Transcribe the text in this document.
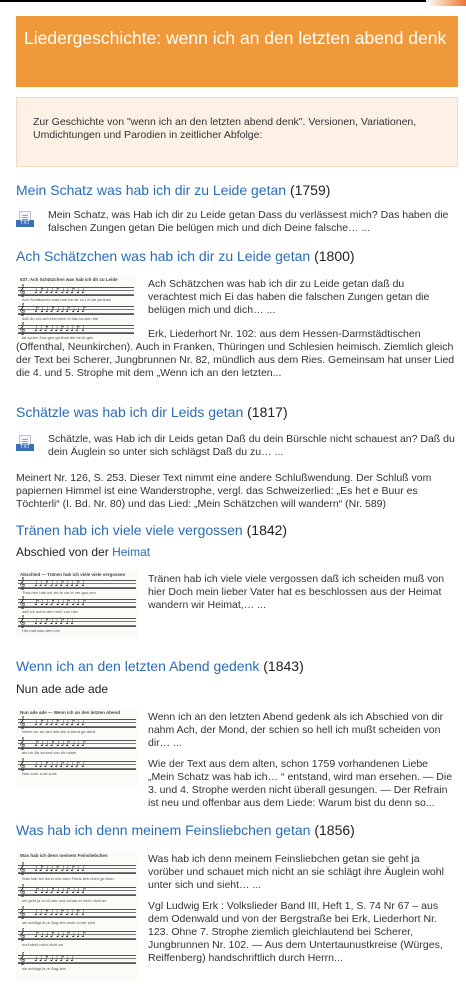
Liedergeschichte: wenn ich an den letzten abend denk

Zur Geschichte von "wenn ich an den letzten abend denk". Versionen, Variationen, Umdichtungen und Parodien in zeitlicher Abfolge:

Mein Schatz was hab ich dir zu Leide getan (1759)
TXT
Mein Schatz, was Hab ich dir zu Leide getan Dass du verlässest mich? Das haben die falschen Zungen getan Die belügen mich und dich Deine falsche… ...
Ach Schätzchen was hab ich dir zu Leide getan (1800)
537. Ach Schätzchen was hab ich dir zu Leide
𝄞 ♩♪♩♩♪♩♩♪♩♩
Ach Schätzchen was hab ich dir zu Lei-de ge-than
𝄞 ♪♩♩♪♩♩♪♩♩♪
daß du ver-ach-test mich ei das ha-ben die
𝄞 ♩♩♪♩♩♪♩♩♪♩
fal-schen Zun-gen ge-than die be-lü-gen
Ach Schätzchen was hab ich dir zu Leide getan daß du verachtest mich Ei das haben die falschen Zungen getan die belügen mich und dich… ...
Erk, Liederhort Nr. 102: aus dem Hessen-Darmstädtischen (Offenthal, Neunkirchen). Auch in Franken, Thüringen und Schlesien heimisch. Ziemlich gleich der Text bei Scherer, Jungbrunnen Nr. 82, mündlich aus dem Ries. Gemeinsam hat unser Lied die 4. und 5. Strophe mit dem „Wenn ich an den letzten...
Schätzle was hab ich dir Leids getan (1817)
TXT
Schätzle, was Hab ich dir Leids getan Daß du dein Bürschle nicht schauest an? Daß du dein Äuglein so unter sich schlägst Daß du zu… ...
Meinert Nr. 126, S. 253. Dieser Text nimmt eine andere Schlußwendung. Der Schluß vom papiernen Himmel ist eine Wanderstrophe, vergl. das Schweizerlied: „Es het e Buur es Töchterli“ (I. Bd. Nr. 80) und das Lied: „Mein Schätzchen will wandern“ (Nr. 589)
Tränen hab ich viele viele vergossen (1842)
Abschied von der Heimat
Abschied — Tränen hab ich viele viele vergossen
𝄞 ♩♩♪♩♩♪♩♩♪♩
Thrä-nen hab ich vie-le vie-le ver-gos-sen
𝄞 ♪♩♩♪♩♩♪♩♩♪
daß ich schei-den muß von hier
𝄞 ♩♩♪♩♩♪♩♩
Hei-mat wan-dern wir
Tränen hab ich viele viele vergossen daß ich scheiden muß von hier Doch mein lieber Vater hat es beschlossen aus der Heimat wandern wir Heimat,… ...
Wenn ich an den letzten Abend gedenk (1843)
Nun ade ade ade
Nun ade ade — Wenn ich an den letzten Abend
𝄞 ♩♪♩♩♪♩♩♪♩♩
Wenn ich an den letz-ten A-bend ge-denk
𝄞 ♪♩♩♪♩♩♪♩♩♪
als ich Ab-schied von dir nahm
𝄞 ♩♩♪♩♩♪♩♩♪♩
Nun a-de a-de a-de
Wenn ich an den letzten Abend gedenk als ich Abschied von dir nahm Ach, der Mond, der schien so hell ich mußt scheiden von dir… ...
Wie der Text aus dem alten, schon 1759 vorhandenen Liebe „Mein Schatz was hab ich… “ entstand, wird man ersehen. — Die 3. und 4. Strophe werden nicht überall gesungen. — Der Refrain ist neu und offenbar aus dem Liede: Warum bist du denn so...
Was hab ich denn meinem Feinsliebchen getan (1856)
Was hab ich denn meinem Feinsliebchen
𝄞 ♩♪♩♩♪♩♩♪♩♩
Was hab ich denn mei-nem Feins-lieb-chen ge-than
𝄞 ♪♩♩♪♩♩♪♩♩♪
sie geht ja vo-rü-ber und schau-et mich nicht an
𝄞 ♩♩♪♩♩♪♩♩♪♩
sie schlägt ih-re Äug-lein wohl un-ter sich
𝄞 ♪♩♩♪♩♩♪♩♩♪
und sieht mich nicht an
𝄞 ♩♩♪♩♩♪♩♩
sie schlägt ih-re Äug-lein
Was hab ich denn meinem Feinsliebchen getan sie geht ja vorüber und schauet mich nicht an sie schlägt ihre Äuglein wohl unter sich und sieht… ...
Vgl Ludwig Erk : Volkslieder Band III, Heft 1, S. 74 Nr 67 – aus dem Odenwald und von der Bergstraße bei Erk, Liederhort Nr. 123. Ohne 7. Strophe ziemlich gleichlautend bei Scherer, Jungbrunnen Nr. 102. — Aus dem Untertaunustkreise (Würges, Reiffenberg) handschriftlich durch Herrn...
